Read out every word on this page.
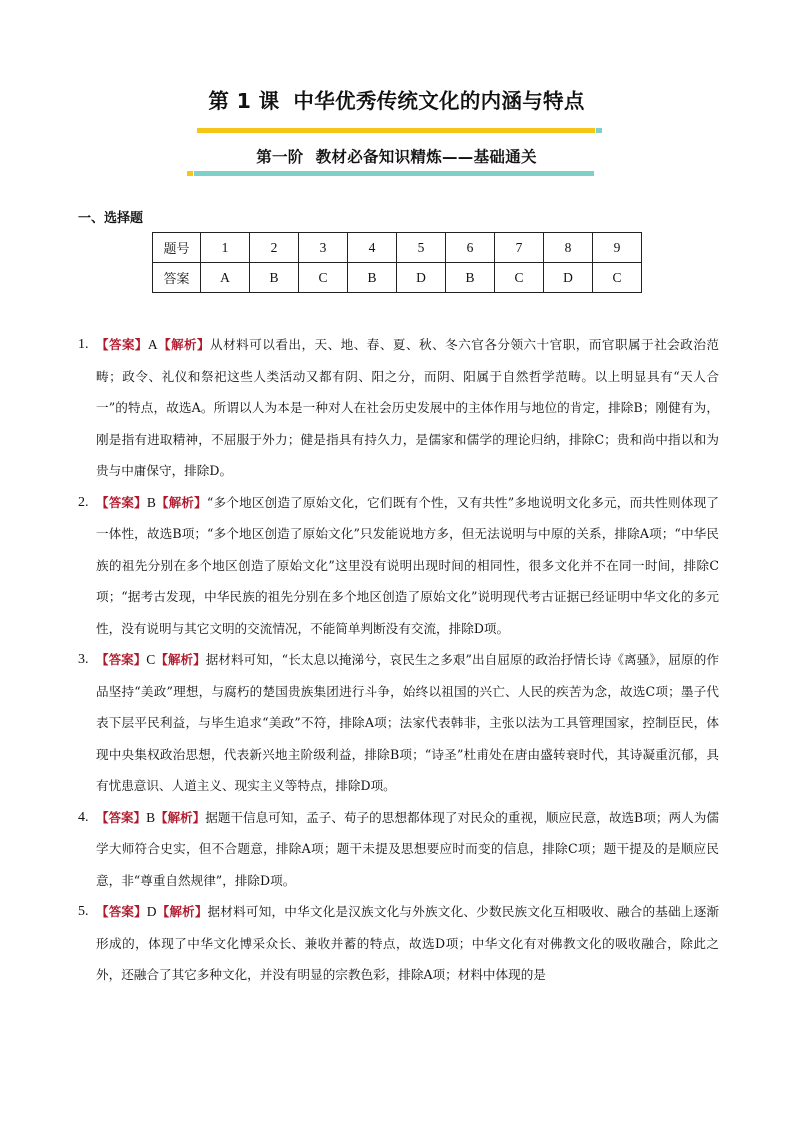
第 1 课 中华优秀传统文化的内涵与特点
第一阶 教材必备知识精炼——基础通关
一、选择题
题号	1	2	3	4	5	6	7	8	9
答案	A	B	C	B	D	B	C	D	C

1. 【答案】A【解析】从材料可以看出，天、地、春、夏、秋、冬六官各分领六十官职，而官职属于社会政治范畴；政令、礼仪和祭祀这些人类活动又都有阴、阳之分，而阴、阳属于自然哲学范畴。以上明显具有“天人合一”的特点，故选A。所谓以人为本是一种对人在社会历史发展中的主体作用与地位的肯定，排除B；刚健有为，刚是指有进取精神，不屈服于外力；健是指具有持久力，是儒家和儒学的理论归纳，排除C；贵和尚中指以和为贵与中庸保守，排除D。

2. 【答案】B【解析】“多个地区创造了原始文化，它们既有个性，又有共性”多地说明文化多元，而共性则体现了一体性，故选B项；“多个地区创造了原始文化”只发能说地方多，但无法说明与中原的关系，排除A项；“中华民族的祖先分别在多个地区创造了原始文化”这里没有说明出现时间的相同性，很多文化并不在同一时间，排除C项；“据考古发现，中华民族的祖先分别在多个地区创造了原始文化”说明现代考古证据已经证明中华文化的多元性，没有说明与其它文明的交流情况，不能简单判断没有交流，排除D项。

3. 【答案】C【解析】据材料可知，“长太息以掩涕兮，哀民生之多艰”出自屈原的政治抒情长诗《离骚》，屈原的作品坚持“美政”理想，与腐朽的楚国贵族集团进行斗争，始终以祖国的兴亡、人民的疾苦为念，故选C项；墨子代表下层平民利益，与毕生追求“美政”不符，排除A项；法家代表韩非，主张以法为工具管理国家，控制臣民，体现中央集权政治思想，代表新兴地主阶级利益，排除B项；“诗圣”杜甫处在唐由盛转衰时代，其诗凝重沉郁，具有忧患意识、人道主义、现实主义等特点，排除D项。

4. 【答案】B【解析】据题干信息可知，孟子、荀子的思想都体现了对民众的重视，顺应民意，故选B项；两人为儒学大师符合史实，但不合题意，排除A项；题干未提及思想要应时而变的信息，排除C项；题干提及的是顺应民意，非“尊重自然规律”，排除D项。

5. 【答案】D【解析】据材料可知，中华文化是汉族文化与外族文化、少数民族文化互相吸收、融合的基础上逐渐形成的，体现了中华文化博采众长、兼收并蓄的特点，故选D项；中华文化有对佛教文化的吸收融合，除此之外，还融合了其它多种文化，并没有明显的宗教色彩，排除A项；材料中体现的是
